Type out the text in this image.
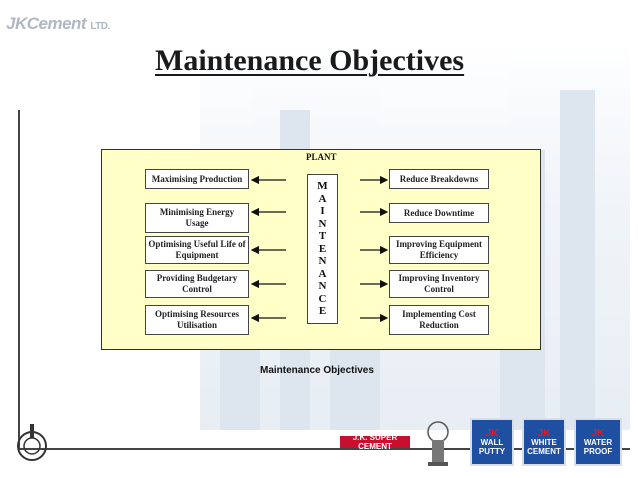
JKCement LTD.
Maintenance Objectives
PLANT
Maximising Production
Minimising Energy Usage
Optimising Useful Life of Equipment
Providing Budgetary Control
Optimising Resources Utilisation
Reduce Breakdowns
Reduce Downtime
Improving Equipment Efficiency
Improving Inventory Control
Implementing Cost Reduction
M
A
I
N
T
E
N
A
N
C
E
Maintenance Objectives
J.K. SUPER CEMENT
JK
WALL
PUTTY
JK
WHITE
CEMENT
JK
WATER
PROOF
